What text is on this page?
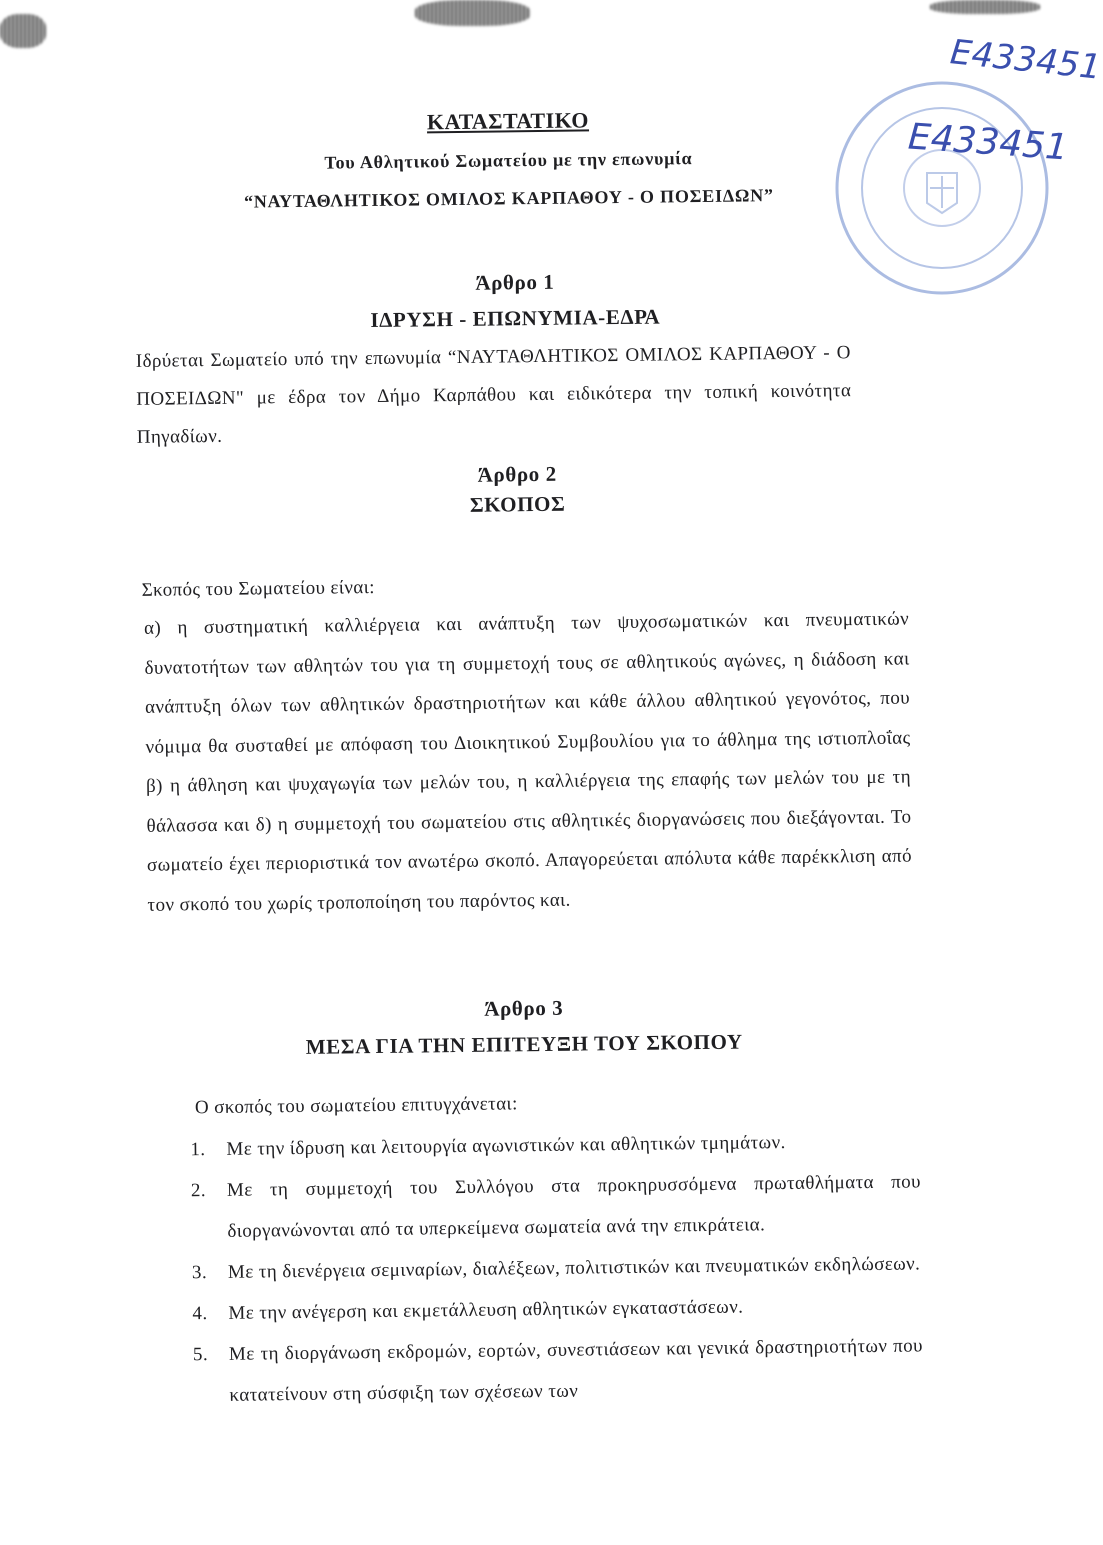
E433451
E433451
ΚΑΤΑΣΤΑΤΙΚΟ
Του Αθλητικού Σωματείου με την επωνυμία
“ΝΑΥΤΑΘΛΗΤΙΚΟΣ ΟΜΙΛΟΣ ΚΑΡΠΑΘΟΥ - Ο ΠΟΣΕΙΔΩΝ”
Άρθρο 1
ΙΔΡΥΣΗ - ΕΠΩΝΥΜΙΑ-ΕΔΡΑ
Ιδρύεται Σωματείο υπό την επωνυμία “ΝΑΥΤΑΘΛΗΤΙΚΟΣ ΟΜΙΛΟΣ ΚΑΡΠΑΘΟΥ - Ο ΠΟΣΕΙΔΩΝ" με έδρα τον Δήμο Καρπάθου και ειδικότερα την τοπική κοινότητα Πηγαδίων.
Άρθρο 2
ΣΚΟΠΟΣ
Σκοπός του Σωματείου είναι:
α) η συστηματική καλλιέργεια και ανάπτυξη των ψυχοσωματικών και πνευματικών δυνατοτήτων των αθλητών του για τη συμμετοχή τους σε αθλητικούς αγώνες, η διάδοση και ανάπτυξη όλων των αθλητικών δραστηριοτήτων και κάθε άλλου αθλητικού γεγονότος, που νόμιμα θα συσταθεί με απόφαση του Διοικητικού Συμβουλίου για το άθλημα της ιστιοπλοΐας β) η άθληση και ψυχαγωγία των μελών του, η καλλιέργεια της επαφής των μελών του με τη θάλασσα και δ) η συμμετοχή του σωματείου στις αθλητικές διοργανώσεις που διεξάγονται. Το σωματείο έχει περιοριστικά τον ανωτέρω σκοπό. Απαγορεύεται απόλυτα κάθε παρέκκλιση από τον σκοπό του χωρίς τροποποίηση του παρόντος και.
Άρθρο 3
ΜΕΣΑ ΓΙΑ ΤΗΝ ΕΠΙΤΕΥΞΗ ΤΟΥ ΣΚΟΠΟΥ
Ο σκοπός του σωματείου επιτυγχάνεται:
1.	Με την ίδρυση και λειτουργία αγωνιστικών και αθλητικών τμημάτων.
2.	Με τη συμμετοχή του Συλλόγου στα προκηρυσσόμενα πρωταθλήματα που διοργανώνονται από τα υπερκείμενα σωματεία ανά την επικράτεια.
3.	Με τη διενέργεια σεμιναρίων, διαλέξεων, πολιτιστικών και πνευματικών εκδηλώσεων.
4.	Με την ανέγερση και εκμετάλλευση αθλητικών εγκαταστάσεων.
5.	Με τη διοργάνωση εκδρομών, εορτών, συνεστιάσεων και γενικά δραστηριοτήτων που κατατείνουν στη σύσφιξη των σχέσεων των
